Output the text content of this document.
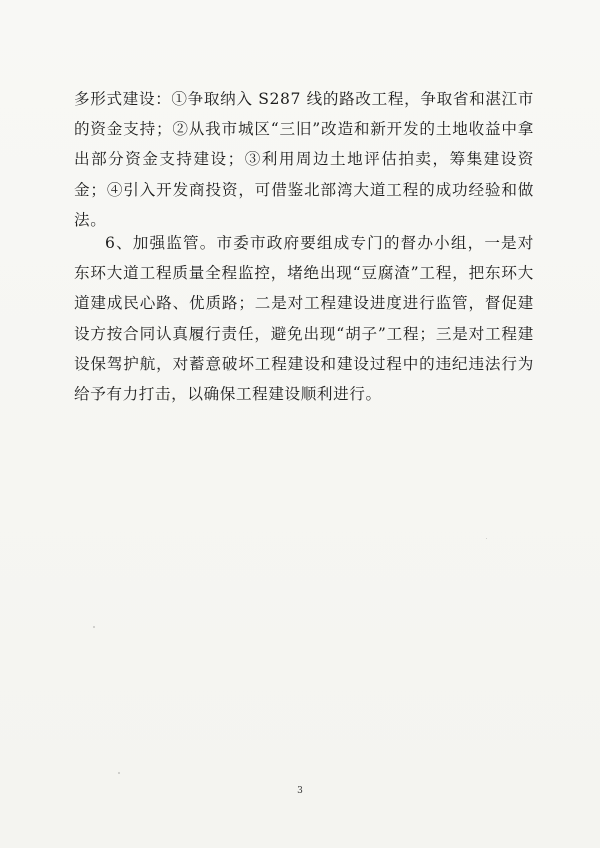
多形式建设：①争取纳入 S287 线的路改工程，争取省和湛江市的资金支持；②从我市城区“三旧”改造和新开发的土地收益中拿出部分资金支持建设；③利用周边土地评估拍卖，筹集建设资金；④引入开发商投资，可借鉴北部湾大道工程的成功经验和做法。

6、加强监管。市委市政府要组成专门的督办小组，一是对东环大道工程质量全程监控，堵绝出现“豆腐渣”工程，把东环大道建成民心路、优质路；二是对工程建设进度进行监管，督促建设方按合同认真履行责任，避免出现“胡子”工程；三是对工程建设保驾护航，对蓄意破坏工程建设和建设过程中的违纪违法行为给予有力打击，以确保工程建设顺利进行。

3
